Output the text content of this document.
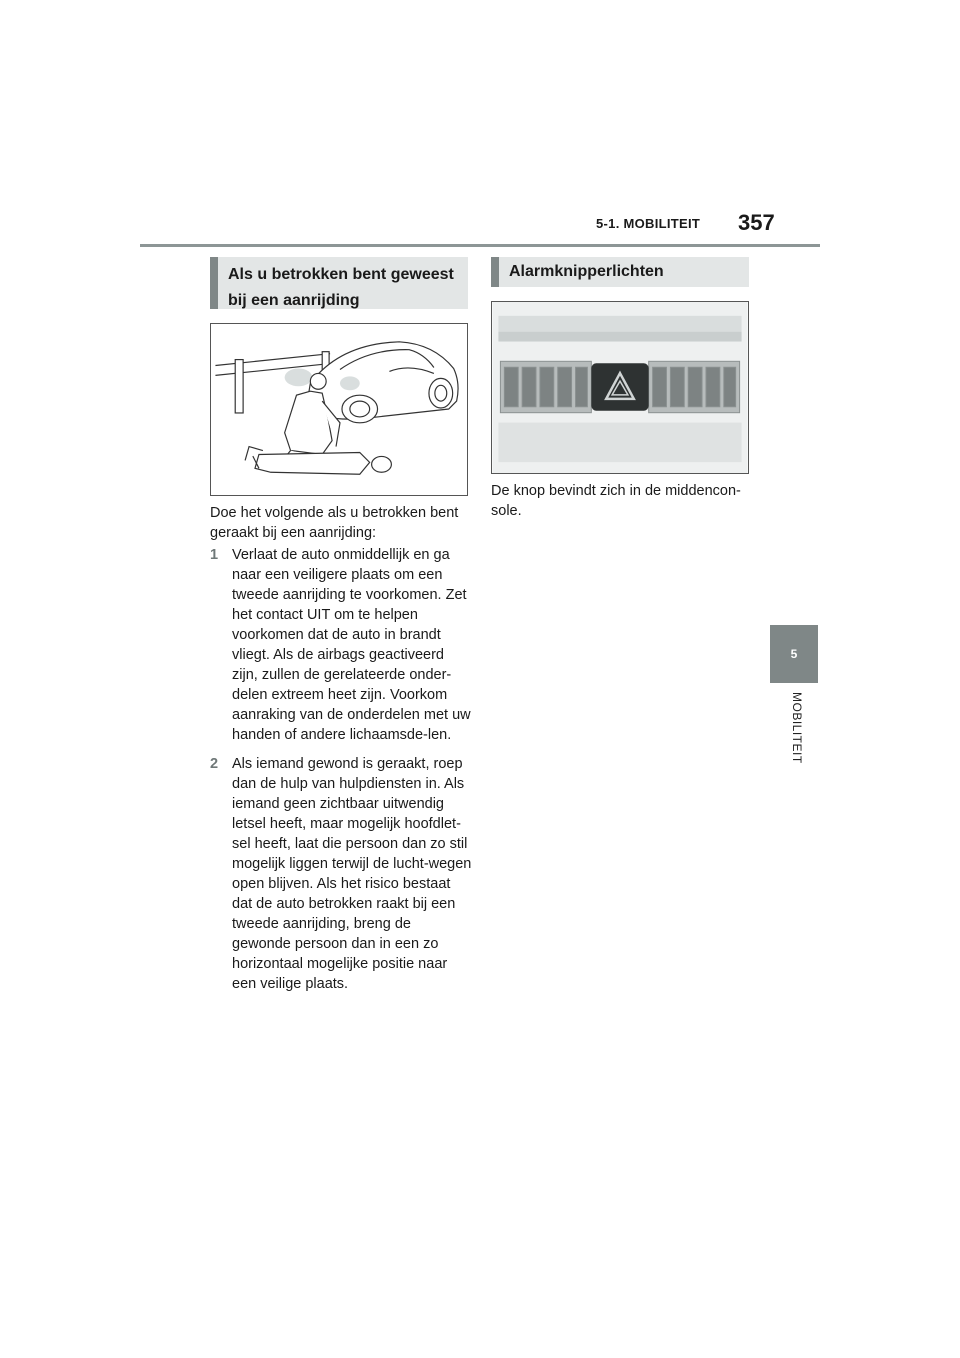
5-1. MOBILITEIT 357
5
MOBILITEIT
Als u betrokken bent geweest bij een aanrijding
Doe het volgende als u betrokken bent geraakt bij een aanrijding:
1 Verlaat de auto onmiddellijk en ga naar een veiligere plaats om een tweede aanrijding te voorkomen. Zet het contact UIT om te helpen voorkomen dat de auto in brandt vliegt. Als de airbags geactiveerd zijn, zullen de gerelateerde onder-delen extreem heet zijn. Voorkom aanraking van de onderdelen met uw handen of andere lichaamsde-len.
2 Als iemand gewond is geraakt, roep dan de hulp van hulpdiensten in. Als iemand geen zichtbaar uitwendig letsel heeft, maar mogelijk hoofdlet-sel heeft, laat die persoon dan zo stil mogelijk liggen terwijl de lucht-wegen open blijven. Als het risico bestaat dat de auto betrokken raakt bij een tweede aanrijding, breng de gewonde persoon dan in een zo horizontaal mogelijke positie naar een veilige plaats.
Alarmknipperlichten
De knop bevindt zich in de middencon-sole.
